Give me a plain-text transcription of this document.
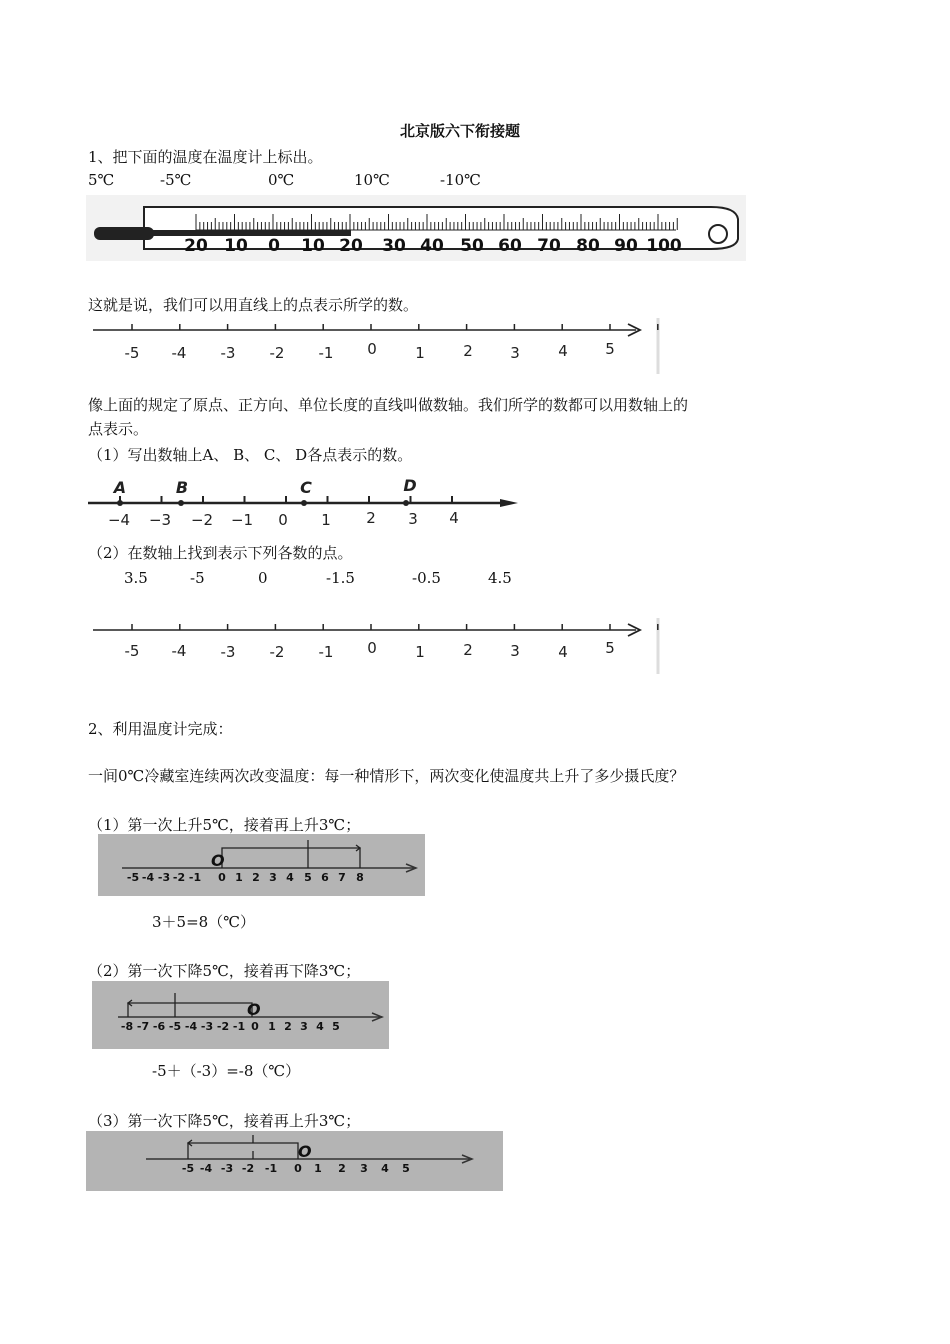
北京版六下衔接题
1、把下面的温度在温度计上标出。
5℃	-5℃	0℃	10℃	-10℃
20 10 0 10 20 30 40 50 60 70 80 90 100
这就是说，我们可以用直线上的点表示所学的数。
-5 -4 -3 -2 -1 0	1	2 3	4 5
像上面的规定了原点、正方向、单位长度的直线叫做数轴。我们所学的数都可以用数轴上的
点表示。
（1）写出数轴上A、 B、 C、 D各点表示的数。
A	B	C	D
−4 −3 −2 −1 0 1 2 3 4
（2）在数轴上找到表示下列各数的点。
3.5	-5	0	-1.5	-0.5	4.5
-5 -4 -3 -2 -1 0	1	2 3	4 5
2、利用温度计完成：
一间0℃冷藏室连续两次改变温度：每一种情形下，两次变化使温度共上升了多少摄氏度？
（1）第一次上升5℃，接着再上升3℃；
O
-5 -4 -3 -2 -1 0 1 2 3 4 5 6 7 8
3＋5=8（℃）
（2）第一次下降5℃，接着再下降3℃；
O
-8 -7 -6 -5 -4 -3 -2 -1 0 1 2 3 4 5
-5＋（-3）=-8（℃）
（3）第一次下降5℃，接着再上升3℃；
O
-5 -4 -3 -2 -1 0 1 2 3 4 5
